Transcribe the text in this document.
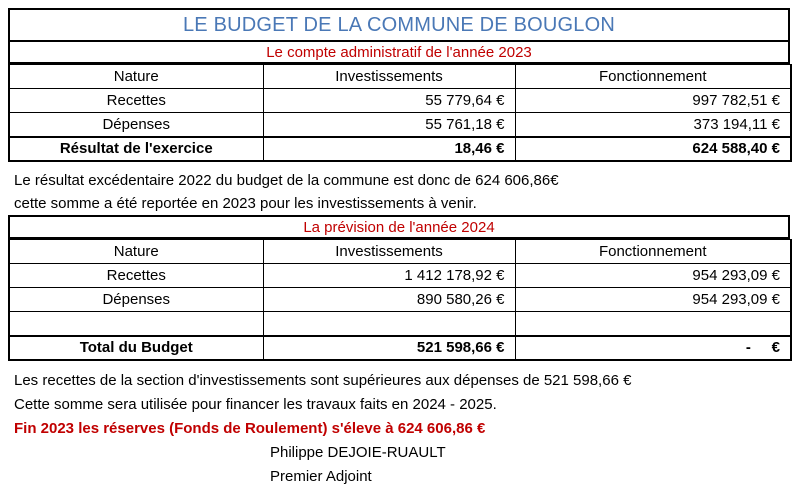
LE BUDGET DE LA COMMUNE DE BOUGLON
Le compte administratif de l'année 2023
Nature	Investissements	Fonctionnement
Recettes	55 779,64 €	997 782,51 €
Dépenses	55 761,18 €	373 194,11 €
Résultat de l'exercice	18,46 €	624 588,40 €
Le résultat excédentaire 2022 du budget de la commune est donc de 624 606,86€
cette somme a été reportée en 2023 pour les investissements à venir.
La prévision de l'année 2024
Nature	Investissements	Fonctionnement
Recettes	1 412 178,92 €	954 293,09 €
Dépenses	890 580,26 €	954 293,09 €

Total du Budget	521 598,66 €	-     €
Les recettes de la section d'investissements sont supérieures aux dépenses de 521 598,66 €
Cette somme sera utilisée pour financer les travaux faits en 2024 - 2025.
Fin 2023 les réserves (Fonds de Roulement) s'éleve à 624 606,86 €
Philippe DEJOIE-RUAULT
Premier Adjoint
